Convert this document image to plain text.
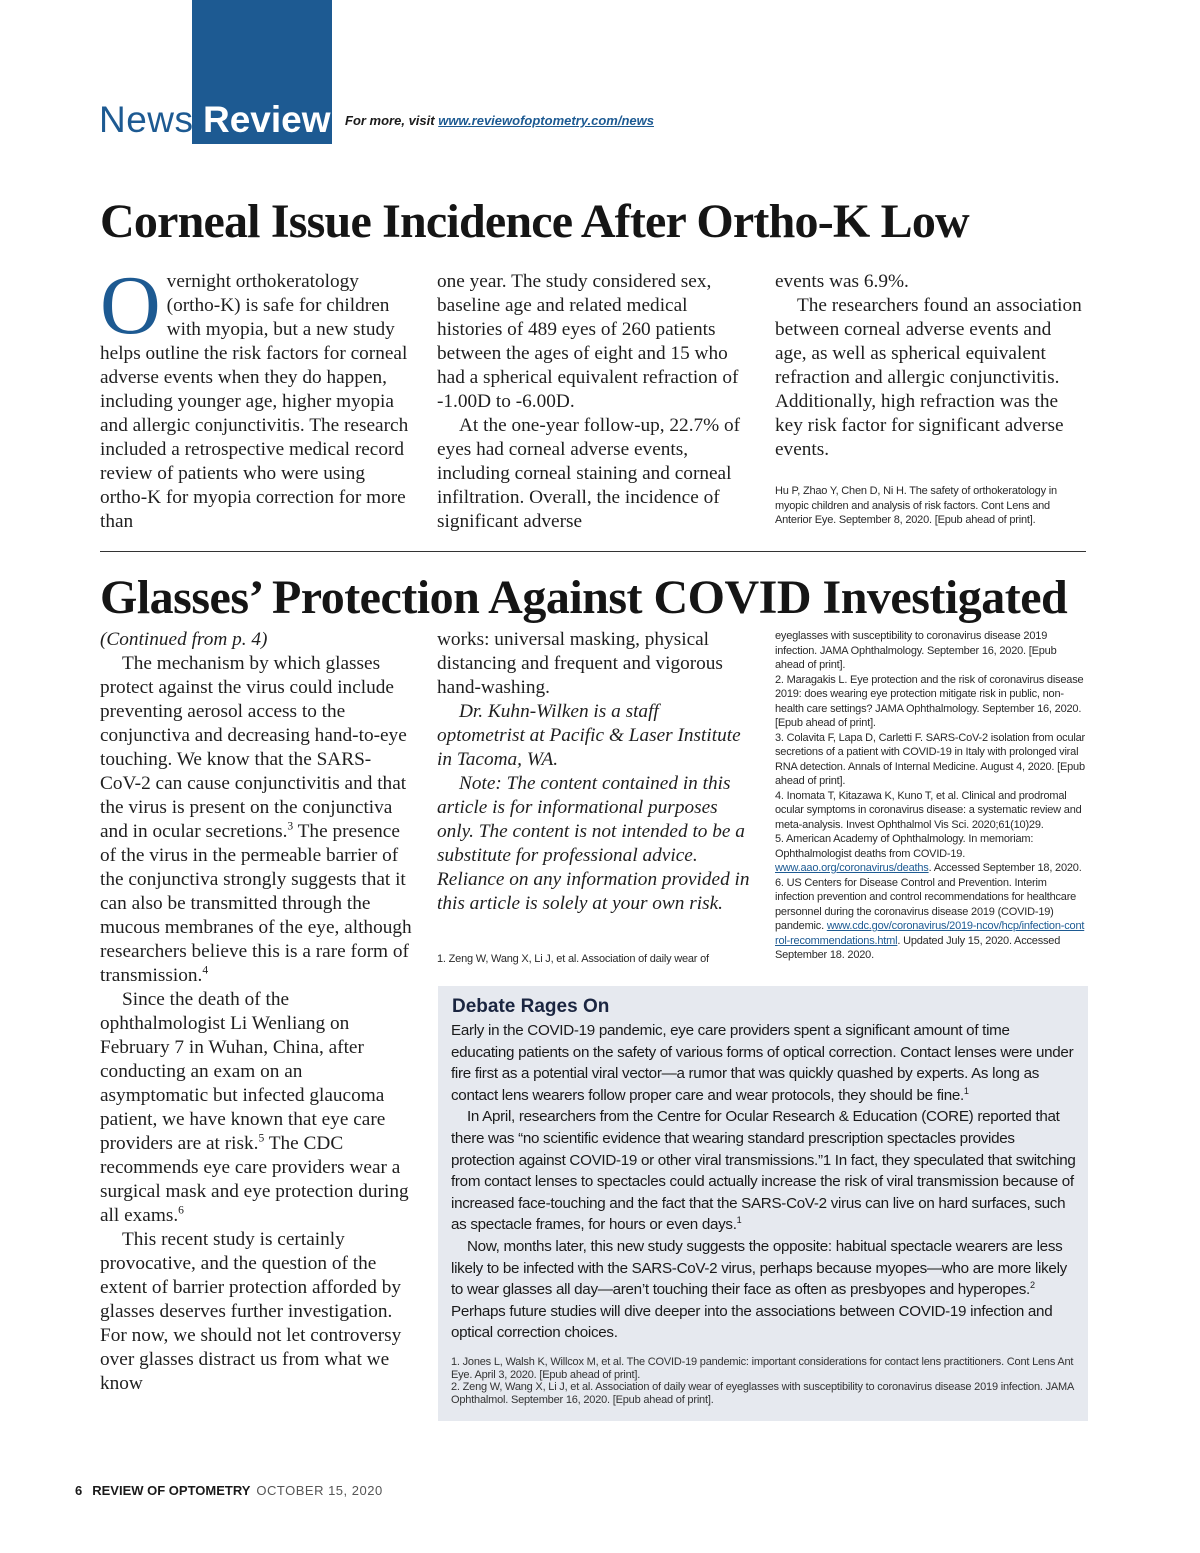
News Review For more, visit www.reviewofoptometry.com/news
Corneal Issue Incidence After Ortho-K Low

Overnight orthokeratology (ortho-K) is safe for children with myopia, but a new study helps outline the risk factors for corneal adverse events when they do happen, including younger age, higher myopia and allergic conjunctivitis. The research included a retrospective medical record review of patients who were using ortho-K for myopia correction for more than

one year. The study considered sex, baseline age and related medical histories of 489 eyes of 260 patients between the ages of eight and 15 who had a spherical equivalent refraction of -1.00D to -6.00D.

At the one-year follow-up, 22.7% of eyes had corneal adverse events, including corneal staining and corneal infiltration. Overall, the incidence of significant adverse

events was 6.9%.

The researchers found an association between corneal adverse events and age, as well as spherical equivalent refraction and allergic conjunctivitis. Additionally, high refraction was the key risk factor for significant adverse events.

Hu P, Zhao Y, Chen D, Ni H. The safety of orthokeratology in myopic children and analysis of risk factors. Cont Lens and Anterior Eye. September 8, 2020. [Epub ahead of print].

Glasses’ Protection Against COVID Investigated

(Continued from p. 4)

The mechanism by which glasses protect against the virus could include preventing aerosol access to the conjunctiva and decreasing hand-to-eye touching. We know that the SARS-CoV-2 can cause conjunctivitis and that the virus is present on the conjunctiva and in ocular secretions.$^3$ The presence of the virus in the permeable barrier of the conjunctiva strongly suggests that it can also be transmitted through the mucous membranes of the eye, although researchers believe this is a rare form of transmission.$^4$

Since the death of the ophthalmologist Li Wenliang on February 7 in Wuhan, China, after conducting an exam on an asymptomatic but infected glaucoma patient, we have known that eye care providers are at risk.$^5$ The CDC recommends eye care providers wear a surgical mask and eye protection during all exams.$^6$

This recent study is certainly provocative, and the question of the extent of barrier protection afforded by glasses deserves further investigation. For now, we should not let controversy over glasses distract us from what we know

works: universal masking, physical distancing and frequent and vigorous hand-washing.

Dr. Kuhn-Wilken is a staff optometrist at Pacific & Laser Institute in Tacoma, WA.

Note: The content contained in this article is for informational purposes only. The content is not intended to be a substitute for professional advice. Reliance on any information provided in this article is solely at your own risk.

1. Zeng W, Wang X, Li J, et al. Association of daily wear of

eyeglasses with susceptibility to coronavirus disease 2019 infection. JAMA Ophthalmology. September 16, 2020. [Epub ahead of print].

2. Maragakis L. Eye protection and the risk of coronavirus disease 2019: does wearing eye protection mitigate risk in public, non-health care settings? JAMA Ophthalmology. September 16, 2020. [Epub ahead of print].

3. Colavita F, Lapa D, Carletti F. SARS-CoV-2 isolation from ocular secretions of a patient with COVID-19 in Italy with prolonged viral RNA detection. Annals of Internal Medicine. August 4, 2020. [Epub ahead of print].

4. Inomata T, Kitazawa K, Kuno T, et al. Clinical and prodromal ocular symptoms in coronavirus disease: a systematic review and meta-analysis. Invest Ophthalmol Vis Sci. 2020;61(10)29.

5. American Academy of Ophthalmology. In memoriam: Ophthalmologist deaths from COVID-19. www.aao.org/coronavirus/deaths. Accessed September 18, 2020.

6. US Centers for Disease Control and Prevention. Interim infection prevention and control recommendations for healthcare personnel during the coronavirus disease 2019 (COVID-19) pandemic. www.cdc.gov/coronavirus/2019-ncov/hcp/infection-control-recommendations.html. Updated July 15, 2020. Accessed September 18. 2020.

Debate Rages On

Early in the COVID-19 pandemic, eye care providers spent a significant amount of time educating patients on the safety of various forms of optical correction. Contact lenses were under fire first as a potential viral vector—a rumor that was quickly quashed by experts. As long as contact lens wearers follow proper care and wear protocols, they should be fine.$^1$

In April, researchers from the Centre for Ocular Research & Education (CORE) reported that there was “no scientific evidence that wearing standard prescription spectacles provides protection against COVID-19 or other viral transmissions.”1 In fact, they speculated that switching from contact lenses to spectacles could actually increase the risk of viral transmission because of increased face-touching and the fact that the SARS-CoV-2 virus can live on hard surfaces, such as spectacle frames, for hours or even days.$^1$

Now, months later, this new study suggests the opposite: habitual spectacle wearers are less likely to be infected with the SARS-CoV-2 virus, perhaps because myopes—who are more likely to wear glasses all day—aren’t touching their face as often as presbyopes and hyperopes.$^2$ Perhaps future studies will dive deeper into the associations between COVID-19 infection and optical correction choices.

1. Jones L, Walsh K, Willcox M, et al. The COVID-19 pandemic: important considerations for contact lens practitioners. Cont Lens Ant Eye. April 3, 2020. [Epub ahead of print].

2. Zeng W, Wang X, Li J, et al. Association of daily wear of eyeglasses with susceptibility to coronavirus disease 2019 infection. JAMA Ophthalmol. September 16, 2020. [Epub ahead of print].

6 REVIEW OF OPTOMETRY OCTOBER 15, 2020
